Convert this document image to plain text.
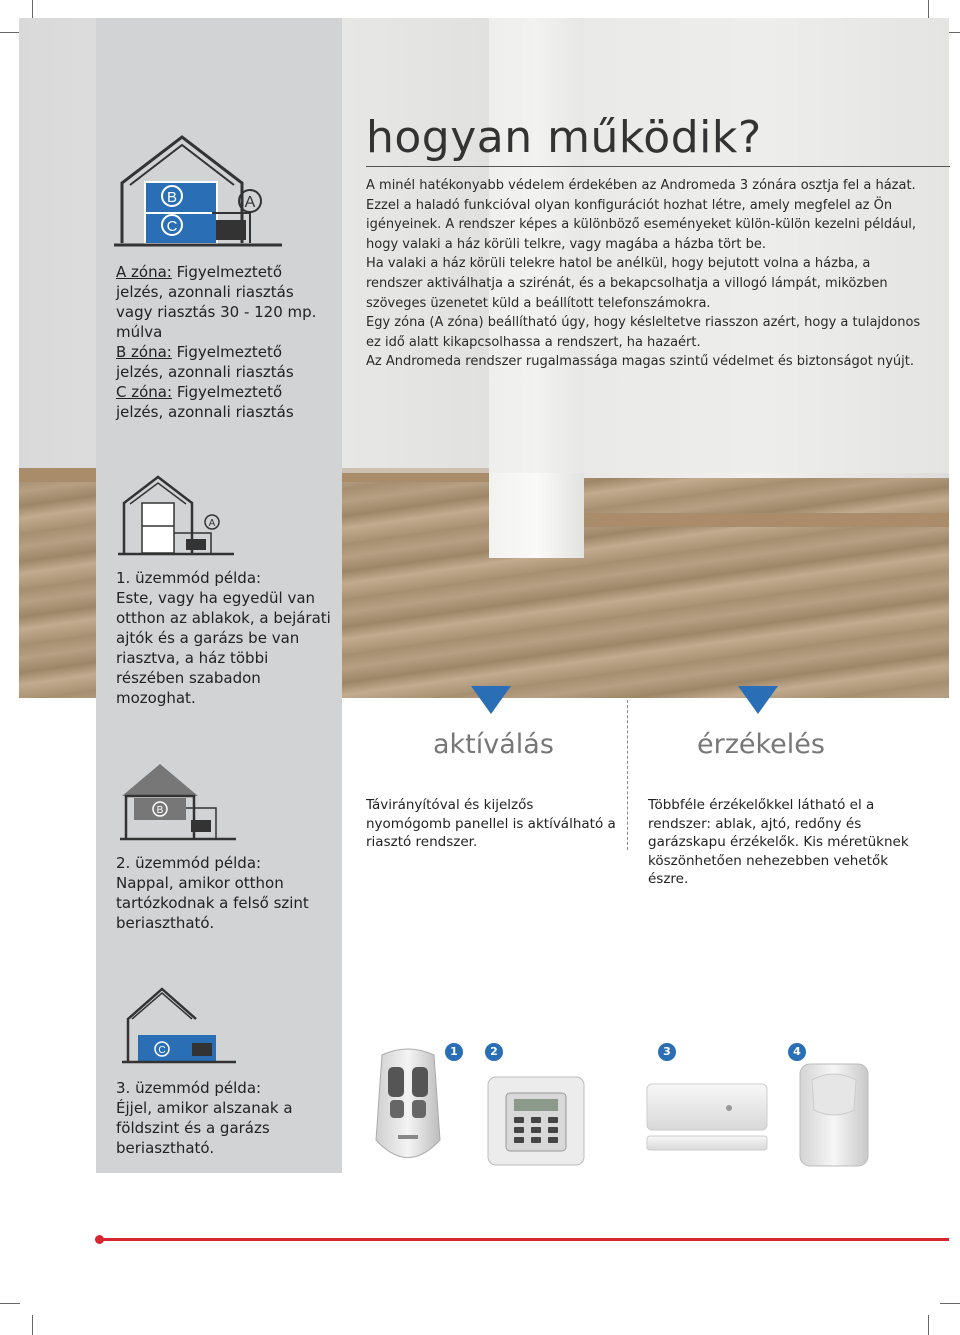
B
C
A
A zóna: Figyelmeztető jelzés, azonnali riasztás vagy riasztás 30 - 120 mp. múlva
B zóna: Figyelmeztető jelzés, azonnali riasztás
C zóna: Figyelmeztető jelzés, azonnali riasztás
hogyan működik?

A minél hatékonyabb védelem érdekében az Andromeda 3 zónára osztja fel a házat. Ezzel a haladó funkcióval olyan konfigurációt hozhat létre, amely megfelel az Ön igényeinek. A rendszer képes a különböző eseményeket külön-külön kezelni például, hogy valaki a ház körüli telkre, vagy magába a házba tört be.

Ha valaki a ház körüli telekre hatol be anélkül, hogy bejutott volna a házba, a rendszer aktiválhatja a szirénát, és a bekapcsolhatja a villogó lámpát, miközben szöveges üzenetet küld a beállított telefonszámokra.

Egy zóna (A zóna) beállítható úgy, hogy késleltetve riasszon azért, hogy a tulajdonos ez idő alatt kikapcsolhassa a rendszert, ha hazaért.

Az Andromeda rendszer rugalmassága magas szintű védelmet és biztonságot nyújt.

A
1. üzemmód példa:
Este, vagy ha egyedül van otthon az ablakok, a bejárati ajtók és a garázs be van riasztva, a ház többi részében szabadon mozoghat.
B
2. üzemmód példa:
Nappal, amikor otthon tartózkodnak a felső szint beriasztható.
C
3. üzemmód példa:
Éjjel, amikor alszanak a földszint és a garázs beriasztható.
aktíválás	érzékelés
Távirányítóval és kijelzős nyomógomb panellel is aktíválható a riasztó rendszer.
Többféle érzékelőkkel látható el a rendszer: ablak, ajtó, redőny és garázskapu érzékelők. Kis méretüknek köszönhetően nehezebben vehetők észre.
1	2	3	4
